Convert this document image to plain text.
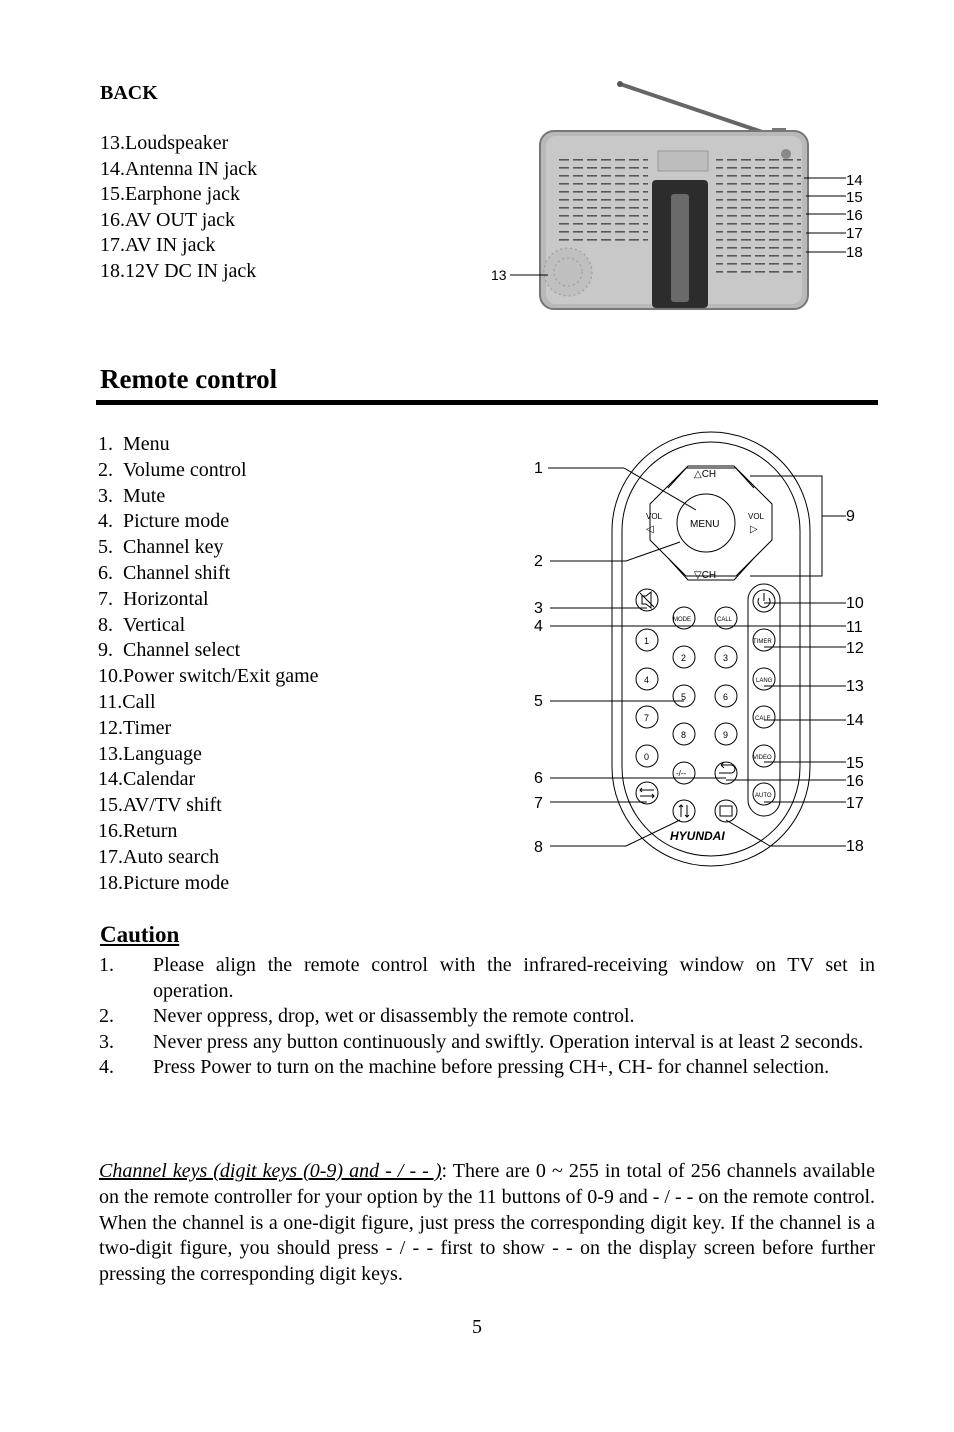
BACK
13.Loudspeaker
14.Antenna IN jack
15.Earphone jack
16.AV OUT jack
17.AV IN jack
18.12V DC IN jack	13
14
15
16
17
18
Remote control
1.  Menu
2.  Volume control
3.  Mute
4.  Picture mode
5.  Channel key
6.  Channel shift
7.  Horizontal
8.  Vertical
9.  Channel select
10.Power switch/Exit game
11.Call
12.Timer
13.Language
14.Calendar
15.AV/TV shift
16.Return
17.Auto search
18.Picture mode
△CH
▽CH
MENU
VOL
◁
VOL
▷
MODE	CALL
TIMER
LANG
CALE
VIDEO
AUTO
1
2	3
4
5	6
7
8	9
0
-/--
HYUNDAI
1
2
3
4
5
6
7
8
9
10
11
12
13
14
15
16
17
18
Caution
1. Please align the remote control with the infrared-receiving window on TV set in operation.
2. Never oppress, drop, wet or disassembly the remote control.
3. Never press any button continuously and swiftly. Operation interval is at least 2 seconds.
4. Press Power to turn on the machine before pressing CH+, CH- for channel selection.
Channel keys (digit keys (0-9) and - / - - ): There are 0 ~ 255 in total of 256 channels available on the remote controller for your option by the 11 buttons of 0-9 and - / - - on the remote control. When the channel is a one-digit figure, just press the corresponding digit key. If the channel is a two-digit figure, you should press - / - - first to show - - on the display screen before further pressing the corresponding digit keys.
5
